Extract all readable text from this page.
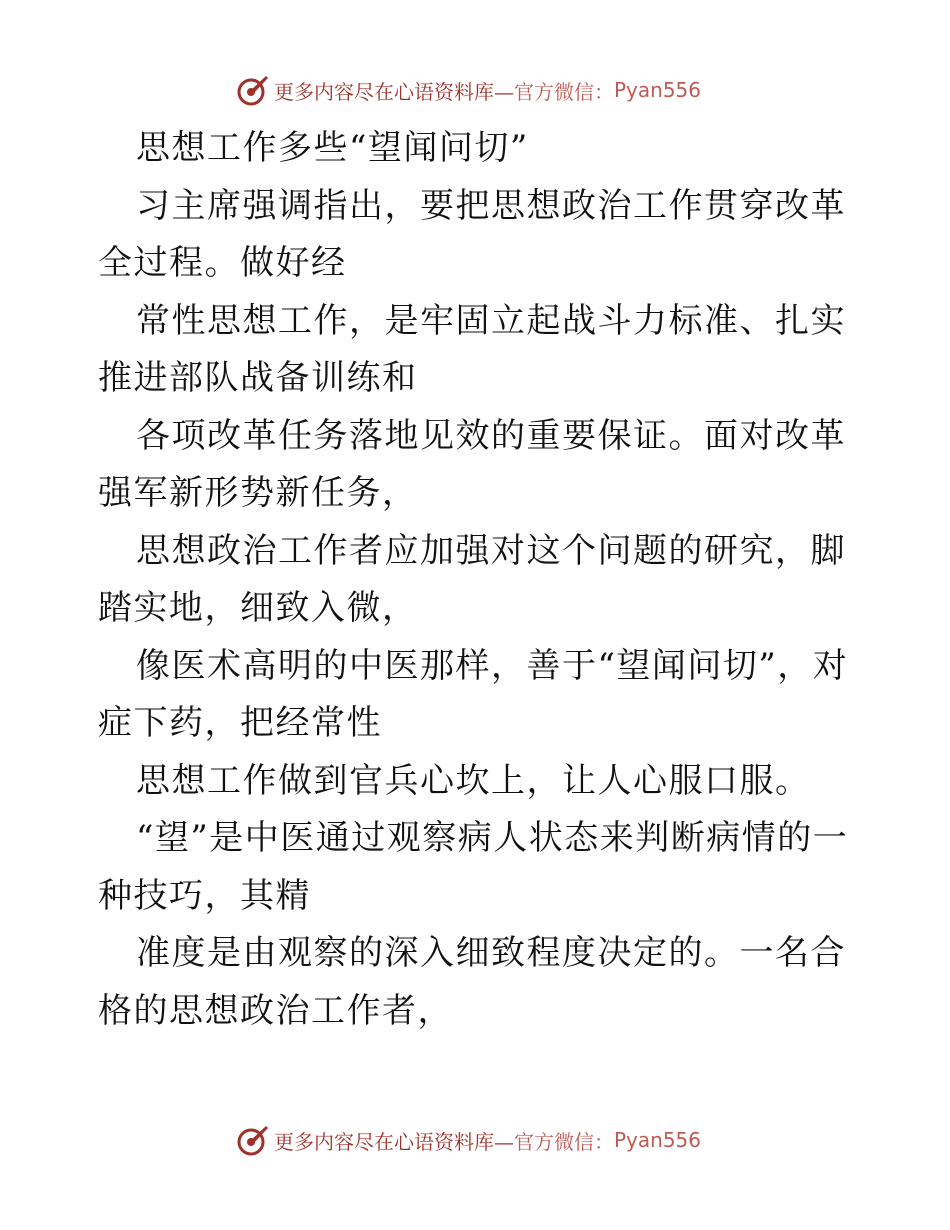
更多内容尽在心语资料库— 官方微信： Pyan556

思想工作多些“望闻问切”

习主席强调指出，要把思想政治工作贯穿改革全过程。做好经

常性思想工作，是牢固立起战斗力标准、扎实推进部队战备训练和

各项改革任务落地见效的重要保证。面对改革强军新形势新任务，

思想政治工作者应加强对这个问题的研究，脚踏实地，细致入微，

像医术高明的中医那样，善于“望闻问切”，对症下药，把经常性

思想工作做到官兵心坎上，让人心服口服。

“望”是中医通过观察病人状态来判断病情的一种技巧，其精

准度是由观察的深入细致程度决定的。一名合格的思想政治工作者，

更多内容尽在心语资料库— 官方微信： Pyan556
